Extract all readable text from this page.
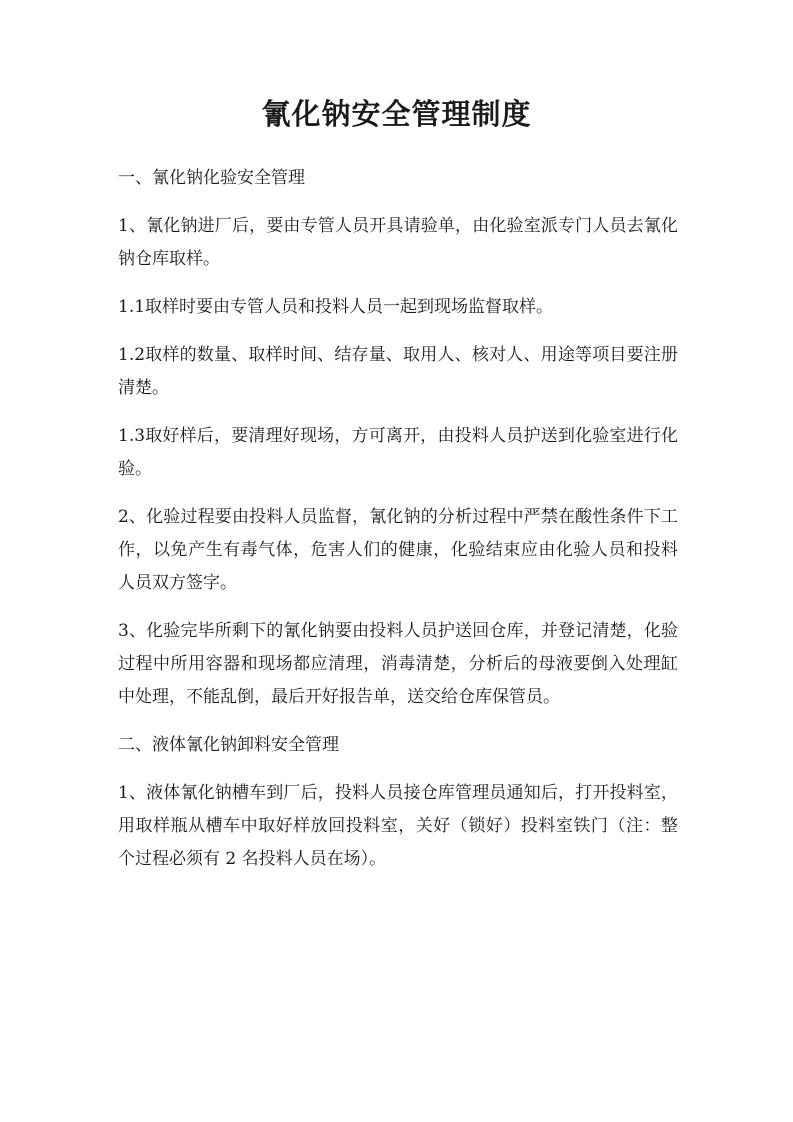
氰化钠安全管理制度

一、氰化钠化验安全管理

1、氰化钠进厂后，要由专管人员开具请验单，由化验室派专门人员去氰化钠仓库取样。

1.1取样时要由专管人员和投料人员一起到现场监督取样。

1.2取样的数量、取样时间、结存量、取用人、核对人、用途等项目要注册清楚。

1.3取好样后，要清理好现场，方可离开，由投料人员护送到化验室进行化验。

2、化验过程要由投料人员监督，氰化钠的分析过程中严禁在酸性条件下工作，以免产生有毒气体，危害人们的健康，化验结束应由化验人员和投料人员双方签字。

3、化验完毕所剩下的氰化钠要由投料人员护送回仓库，并登记清楚，化验过程中所用容器和现场都应清理，消毒清楚，分析后的母液要倒入处理缸中处理，不能乱倒，最后开好报告单，送交给仓库保管员。

二、液体氰化钠卸料安全管理

1、液体氰化钠槽车到厂后，投料人员接仓库管理员通知后，打开投料室，用取样瓶从槽车中取好样放回投料室，关好（锁好）投料室铁门（注：整个过程必须有 2 名投料人员在场）。
